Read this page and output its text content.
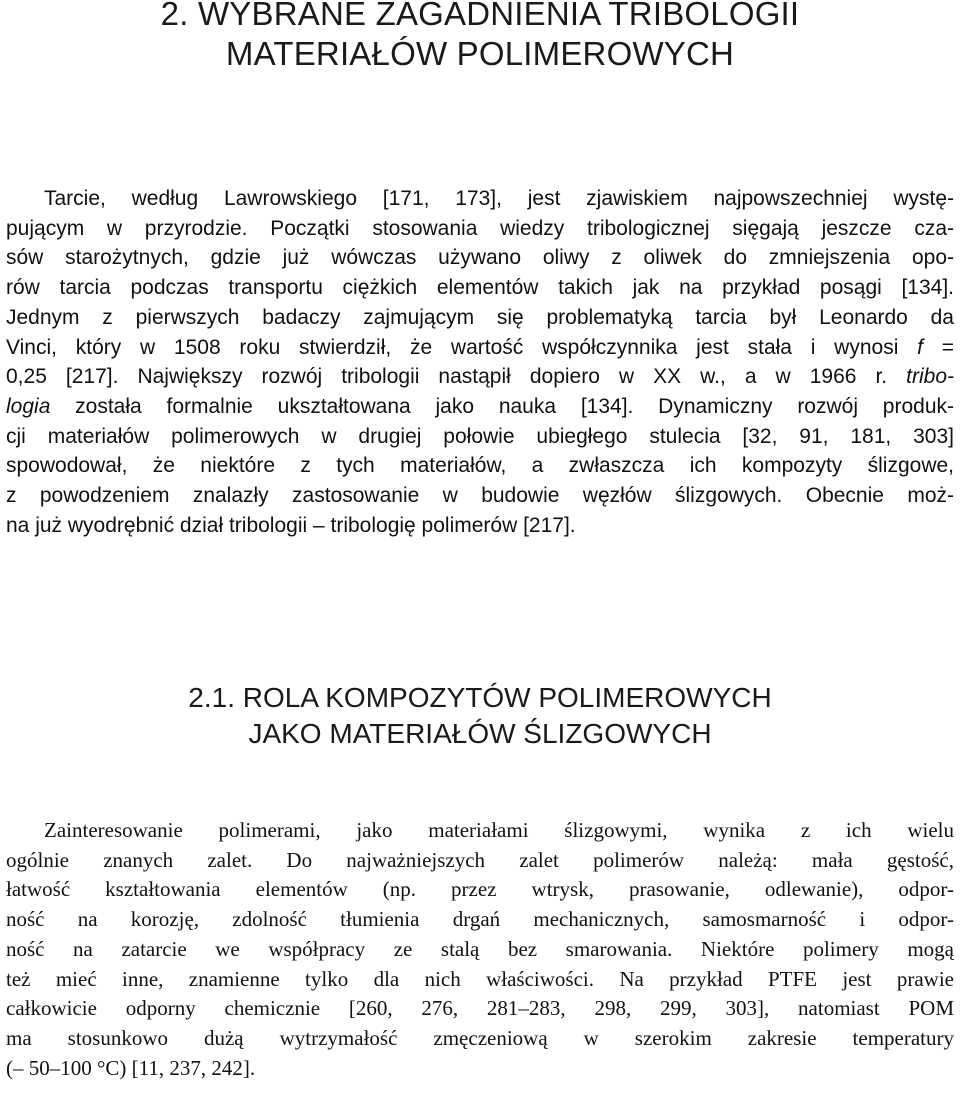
2. WYBRANE ZAGADNIENIA TRIBOLOGII
MATERIAŁÓW POLIMEROWYCH
Tarcie, według Lawrowskiego [171, 173], jest zjawiskiem najpowszechniej wystę-
pującym w przyrodzie. Początki stosowania wiedzy tribologicznej sięgają jeszcze cza-
sów starożytnych, gdzie już wówczas używano oliwy z oliwek do zmniejszenia opo-
rów tarcia podczas transportu ciężkich elementów takich jak na przykład posągi [134].
Jednym z pierwszych badaczy zajmującym się problematyką tarcia był Leonardo da
Vinci, który w 1508 roku stwierdził, że wartość współczynnika jest stała i wynosi f =
0,25 [217]. Największy rozwój tribologii nastąpił dopiero w XX w., a w 1966 r. tribo-
logia została formalnie ukształtowana jako nauka [134]. Dynamiczny rozwój produk-
cji materiałów polimerowych w drugiej połowie ubiegłego stulecia [32, 91, 181, 303]
spowodował, że niektóre z tych materiałów, a zwłaszcza ich kompozyty ślizgowe,
z powodzeniem znalazły zastosowanie w budowie węzłów ślizgowych. Obecnie moż-
na już wyodrębnić dział tribologii – tribologię polimerów [217].
2.1. ROLA KOMPOZYTÓW POLIMEROWYCH
JAKO MATERIAŁÓW ŚLIZGOWYCH
Zainteresowanie polimerami, jako materiałami ślizgowymi, wynika z ich wielu
ogólnie znanych zalet. Do najważniejszych zalet polimerów należą: mała gęstość,
łatwość kształtowania elementów (np. przez wtrysk, prasowanie, odlewanie), odpor-
ność na korozję, zdolność tłumienia drgań mechanicznych, samosmarność i odpor-
ność na zatarcie we współpracy ze stalą bez smarowania. Niektóre polimery mogą
też mieć inne, znamienne tylko dla nich właściwości. Na przykład PTFE jest prawie
całkowicie odporny chemicznie [260, 276, 281–283, 298, 299, 303], natomiast POM
ma stosunkowo dużą wytrzymałość zmęczeniową w szerokim zakresie temperatury
(– 50–100 °C) [11, 237, 242].
